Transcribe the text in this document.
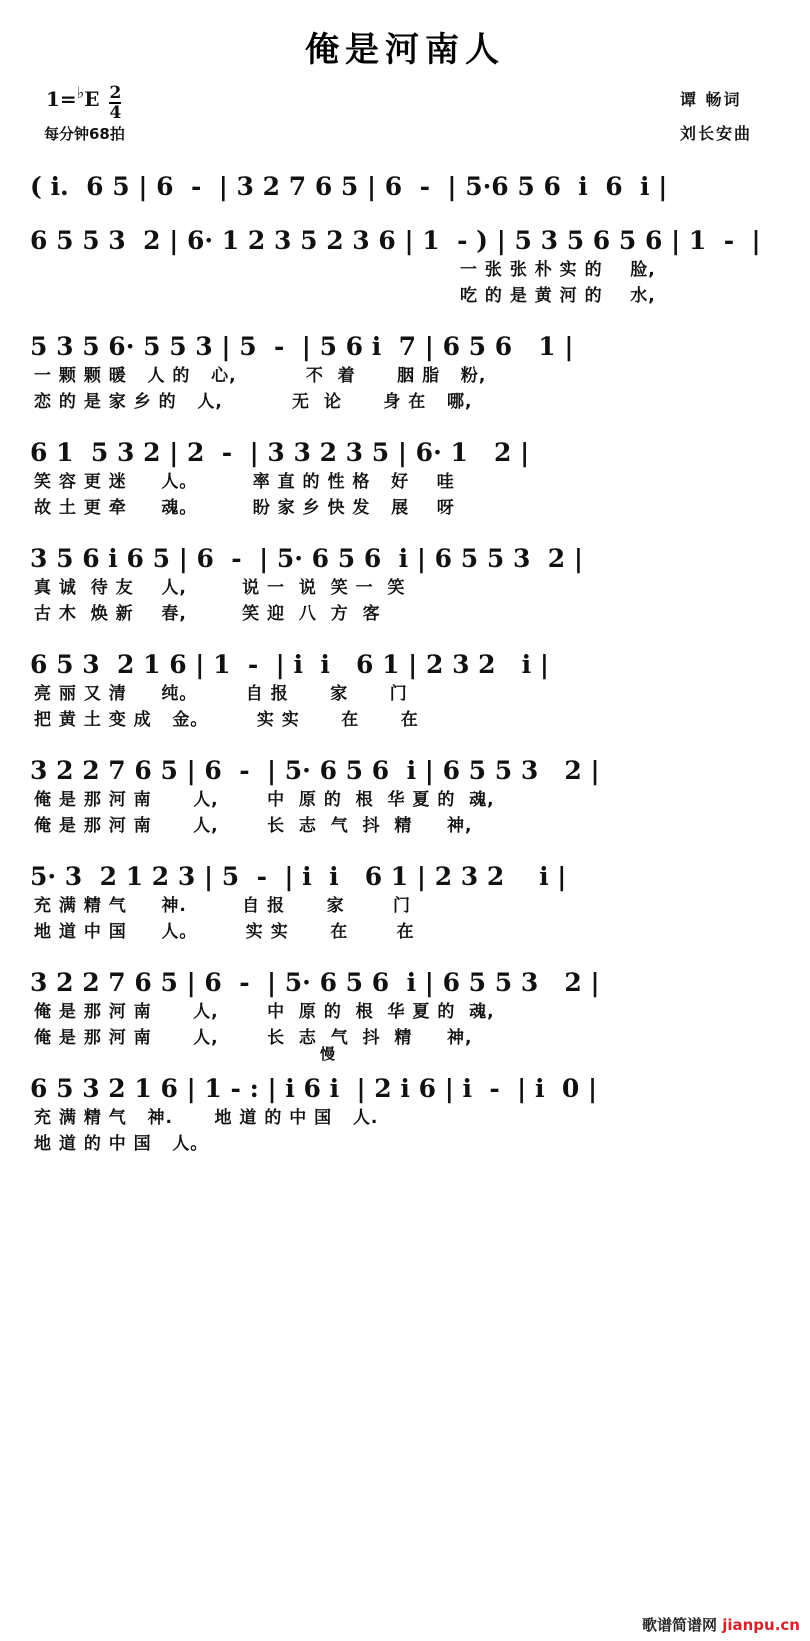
俺是河南人
1= ♭ E $\frac{2}{4}$
每分钟68拍
谭 畅词
刘长安曲
( i.  6 5 | 6  -  | 3 2 7 6 5 | 6  -  | 5·6 5 6  i  6  i |
6 5 5 3  2 | 6· 1 2 3 5 2 3 6 | 1  - ) | 5 3 5 6 5 6 | 1  -  |
一 张 张 朴 实 的    脸,
吃 的 是 黄 河 的    水,
5 3 5 6· 5 5 3 | 5  -  | 5 6 i  7 | 6 5 6   1 |
一 颗 颗 暖   人 的   心,          不  着      胭 脂   粉,
恋 的 是 家 乡 的   人,          无  论      身 在   哪,
6 1  5 3 2 | 2  -  | 3 3 2 3 5 | 6· 1   2 |
笑 容 更 迷     人。        率 直 的 性 格   好    哇
故 土 更 牵     魂。        盼 家 乡 快 发   展    呀
3 5 6 i 6 5 | 6  -  | 5· 6 5 6  i | 6 5 5 3  2 |
真 诚  待 友    人,        说 一  说  笑 一  笑
古 木  焕 新    春,        笑 迎  八  方  客
6 5 3  2 1 6 | 1  -  | i  i   6 1 | 2 3 2   i |
亮 丽 又 清     纯。       自 报      家      门
把 黄 土 变 成   金。       实 实      在      在
3 2 2 7 6 5 | 6  -  | 5· 6 5 6  i | 6 5 5 3   2 |
俺 是 那 河 南      人,       中  原 的  根  华 夏 的  魂,
俺 是 那 河 南      人,       长  志  气  抖  精     神,
5· 3  2 1 2 3 | 5  -  | i  i   6 1 | 2 3 2    i |
充 满 精 气     神.        自 报      家       门
地 道 中 国     人。       实 实      在       在
3 2 2 7 6 5 | 6  -  | 5· 6 5 6  i | 6 5 5 3   2 |
俺 是 那 河 南      人,       中  原 的  根  华 夏 的  魂,
俺 是 那 河 南      人,       长  志  气  抖  精     神,
慢
6 5 3 2 1 6 | 1 - : | i 6 i  | 2 i 6 | i  -  | i  0 |
充 满 精 气   神.      地 道 的 中 国   人.
地 道 的 中 国   人。
歌谱简谱网 jianpu.cn
